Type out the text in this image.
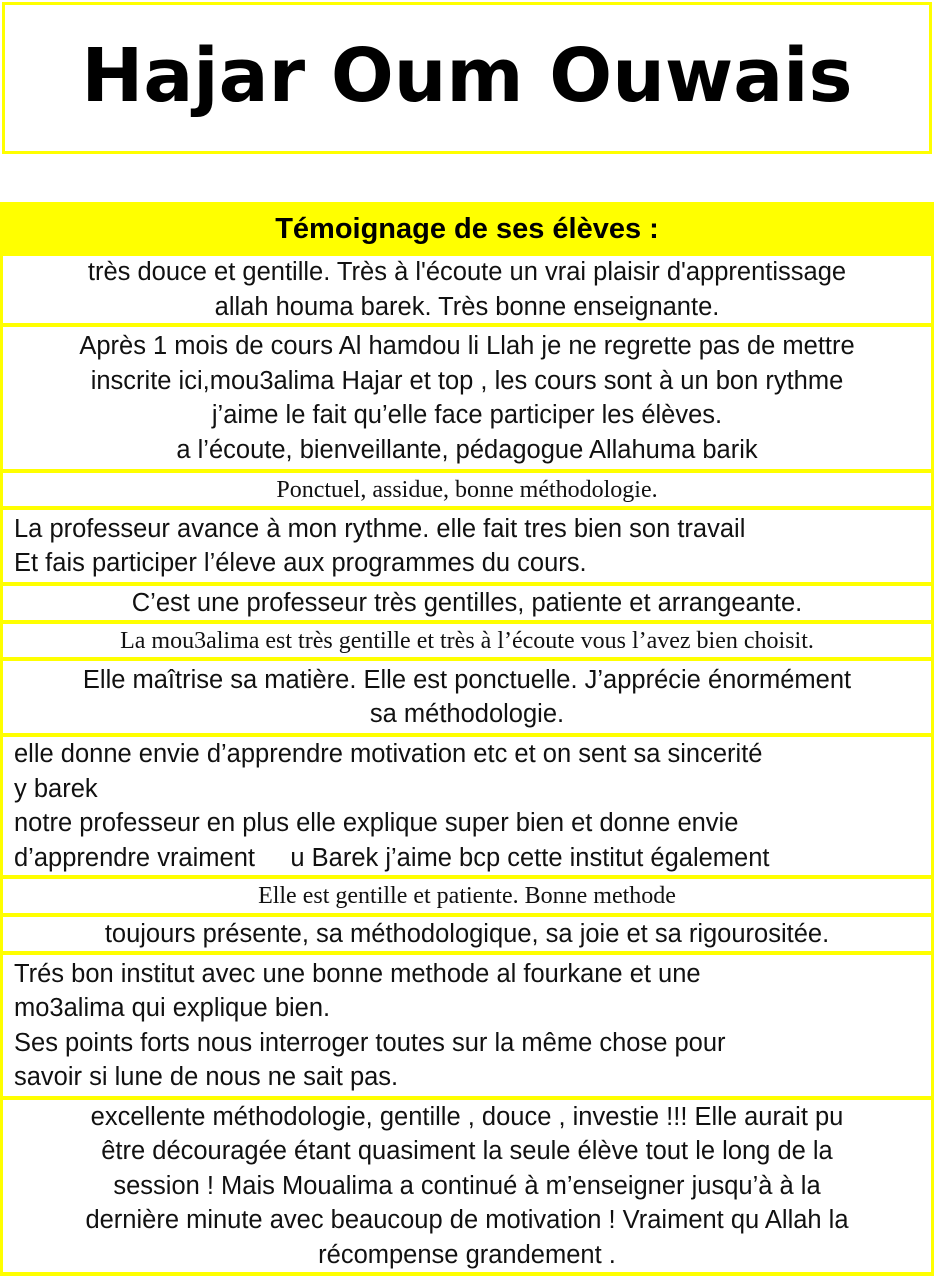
Hajar Oum Ouwais
Témoignage de ses élèves :
très douce et gentille. Très à l'écoute un vrai plaisir d'apprentissage
allah houma barek. Très bonne enseignante.
Après 1 mois de cours Al hamdou li Llah je ne regrette pas de mettre
inscrite ici,mou3alima Hajar et top , les cours sont à un bon rythme
j’aime le fait qu’elle face participer les élèves.
a l’écoute, bienveillante, pédagogue Allahuma barik
Ponctuel, assidue, bonne méthodologie.
La professeur avance à mon rythme. elle fait tres bien son travail
Et fais participer l’éleve aux programmes du cours.
C’est une professeur très gentilles, patiente et arrangeante.
La mou3alima est très gentille et très à l’écoute vous l’avez bien choisit.
Elle maîtrise sa matière. Elle est ponctuelle. J’apprécie énormément
sa méthodologie.
elle donne envie d’apprendre motivation etc et on sent sa sincerité
y barek
notre professeur en plus elle explique super bien et donne envie
d’apprendre vraiment     u Barek j’aime bcp cette institut également
Elle est gentille et patiente. Bonne methode
toujours présente, sa méthodologique, sa joie et sa rigourositée.
Trés bon institut avec une bonne methode al fourkane et une
mo3alima qui explique bien.
Ses points forts nous interroger toutes sur la même chose pour
savoir si lune de nous ne sait pas.
excellente méthodologie, gentille , douce , investie !!! Elle aurait pu
être découragée étant quasiment la seule élève tout le long de la
session ! Mais Moualima a continué à m’enseigner jusqu’à à la
dernière minute avec beaucoup de motivation ! Vraiment qu Allah la
récompense grandement .
